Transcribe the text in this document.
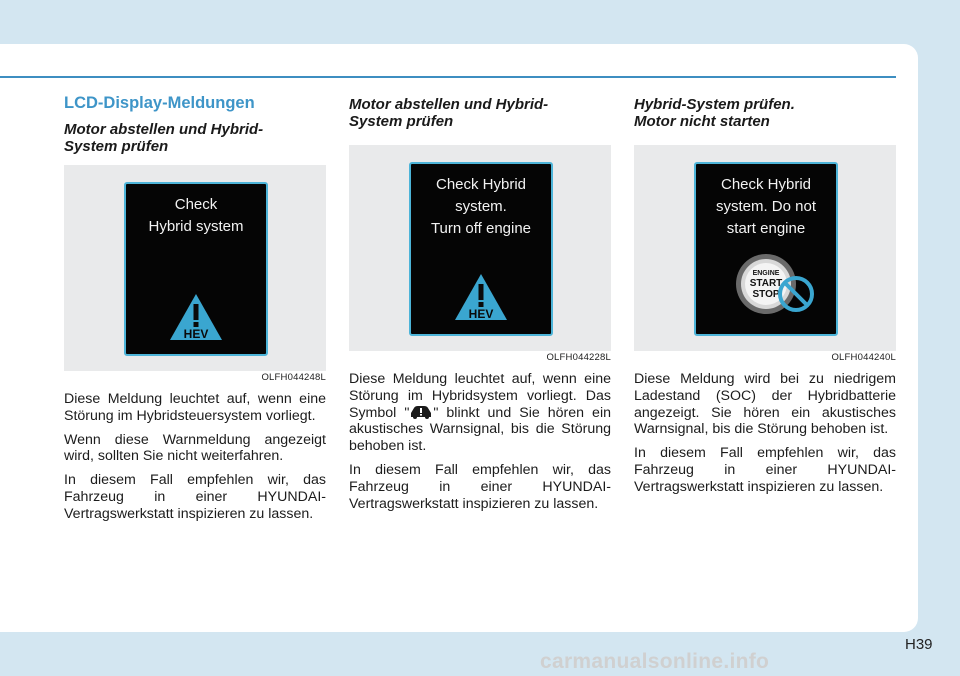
LCD-Display-Meldungen
Motor abstellen und Hybrid-
System prüfen
Check
Hybrid system
HEV
OLFH044248L

Diese Meldung leuchtet auf, wenn eine Störung im Hybridsteuersystem vorliegt.

Wenn diese Warnmeldung angezeigt wird, sollten Sie nicht weiterfahren.

In diesem Fall empfehlen wir, das Fahrzeug in einer HYUNDAI-Vertragswerkstatt inspizieren zu lassen.

Motor abstellen und Hybrid-
System prüfen
Check Hybrid
system.
Turn off engine
HEV
OLFH044228L

Diese Meldung leuchtet auf, wenn eine Störung im Hybridsystem vorliegt. Das Symbol " " blinkt und Sie hören ein akustisches Warnsignal, bis die Störung behoben ist.

In diesem Fall empfehlen wir, das Fahrzeug in einer HYUNDAI-Vertragswerkstatt inspizieren zu lassen.

Hybrid-System prüfen.
Motor nicht starten
Check Hybrid
system. Do not
start engine
ENGINE
START
STOP
OLFH044240L

Diese Meldung wird bei zu niedrigem Ladestand (SOC) der Hybridbatterie angezeigt. Sie hören ein akustisches Warnsignal, bis die Störung behoben ist.

In diesem Fall empfehlen wir, das Fahrzeug in einer HYUNDAI-Vertragswerkstatt inspizieren zu lassen.

H39
carmanualsonline.info
